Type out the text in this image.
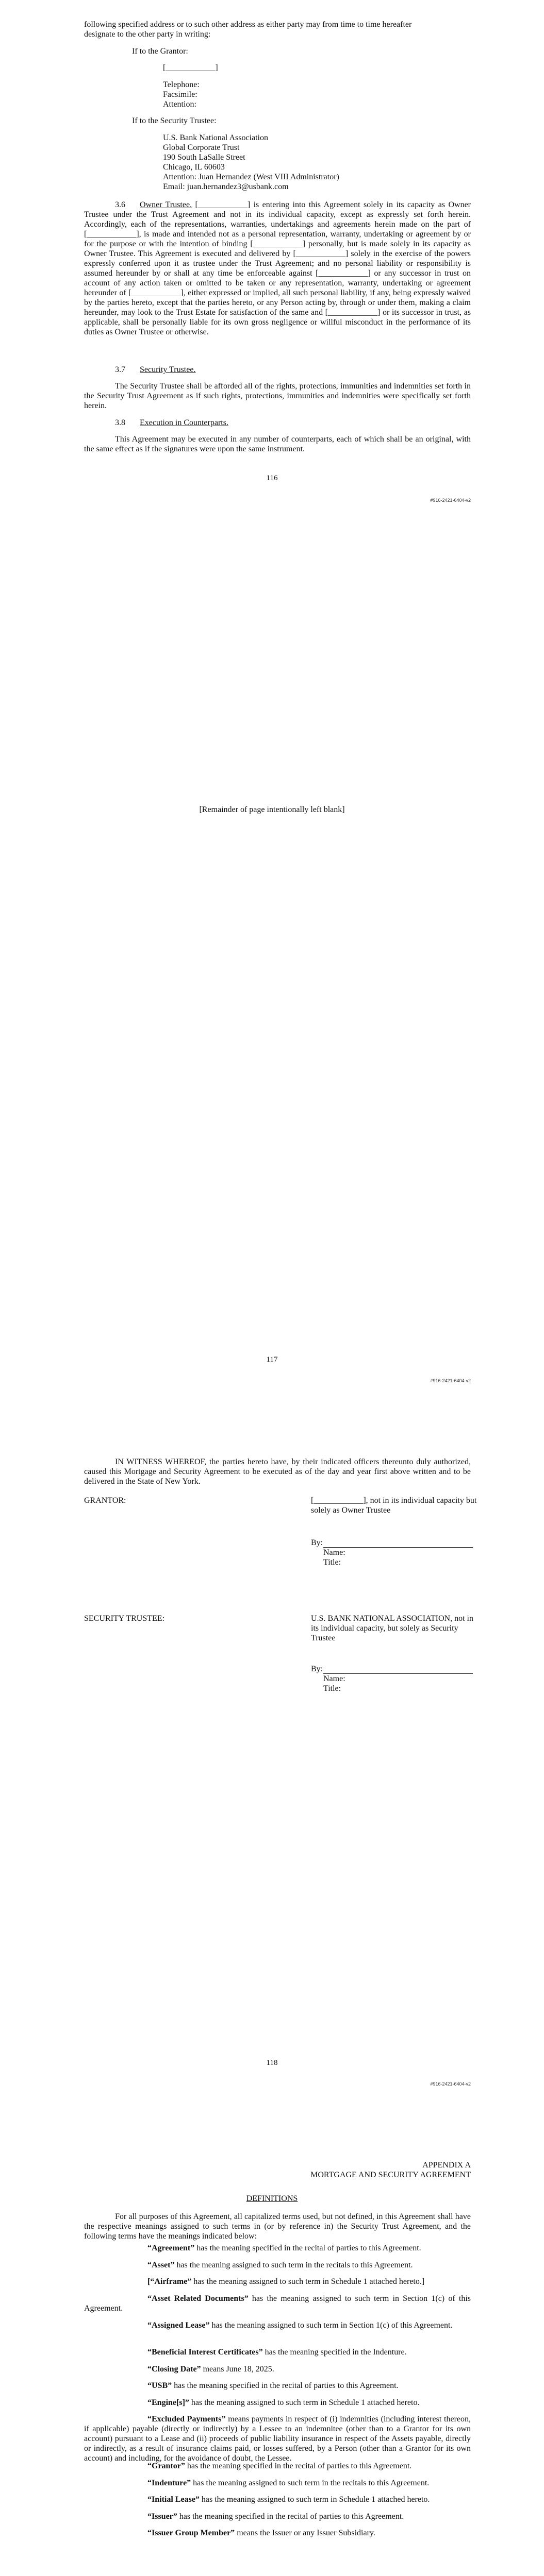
following specified address or to such other address as either party may from time to time hereafter
designate to the other party in writing:
If to the Grantor:
[____________]
Telephone:
Facsimile:
Attention:
If to the Security Trustee:
U.S. Bank National Association
Global Corporate Trust
190 South LaSalle Street
Chicago, IL 60603
Attention: Juan Hernandez (West VIII Administrator)
Email: juan.hernandez3@usbank.com
3.6 Owner Trustee. [____________] is entering into this Agreement solely in its capacity as Owner Trustee under the Trust Agreement and not in its individual capacity, except as expressly set forth herein. Accordingly, each of the representations, warranties, undertakings and agreements herein made on the part of [____________], is made and intended not as a personal representation, warranty, undertaking or agreement by or for the purpose or with the intention of binding [____________] personally, but is made solely in its capacity as Owner Trustee. This Agreement is executed and delivered by [____________] solely in the exercise of the powers expressly conferred upon it as trustee under the Trust Agreement; and no personal liability or responsibility is assumed hereunder by or shall at any time be enforceable against [____________] or any successor in trust on account of any action taken or omitted to be taken or any representation, warranty, undertaking or agreement hereunder of [____________], either expressed or implied, all such personal liability, if any, being expressly waived by the parties hereto, except that the parties hereto, or any Person acting by, through or under them, making a claim hereunder, may look to the Trust Estate for satisfaction of the same and [____________] or its successor in trust, as applicable, shall be personally liable for its own gross negligence or willful misconduct in the performance of its duties as Owner Trustee or otherwise.
3.7 Security Trustee.
The Security Trustee shall be afforded all of the rights, protections, immunities and indemnities set forth in the Security Trust Agreement as if such rights, protections, immunities and indemnities were specifically set forth herein.
3.8 Execution in Counterparts.
This Agreement may be executed in any number of counterparts, each of which shall be an original, with the same effect as if the signatures were upon the same instrument.
116
#916-2421-6404-v2
[Remainder of page intentionally left blank]
117
#916-2421-6404-v2
IN WITNESS WHEREOF, the parties hereto have, by their indicated officers thereunto duly authorized, caused this Mortgage and Security Agreement to be executed as of the day and year first above written and to be delivered in the State of New York.
GRANTOR:	[____________], not in its individual capacity but
solely as Owner Trustee
By:
Name:
Title:
SECURITY TRUSTEE:	U.S. BANK NATIONAL ASSOCIATION, not in
its individual capacity, but solely as Security
Trustee
By:
Name:
Title:
118
#916-2421-6404-v2
APPENDIX A
MORTGAGE AND SECURITY AGREEMENT
DEFINITIONS
For all purposes of this Agreement, all capitalized terms used, but not defined, in this Agreement shall have the respective meanings assigned to such terms in (or by reference in) the Security Trust Agreement, and the following terms have the meanings indicated below:
“Agreement” has the meaning specified in the recital of parties to this Agreement.
“Asset” has the meaning assigned to such term in the recitals to this Agreement.
[“Airframe” has the meaning assigned to such term in Schedule 1 attached hereto.]
“Asset Related Documents” has the meaning assigned to such term in Section 1(c) of this Agreement.
“Assigned Lease” has the meaning assigned to such term in Section 1(c) of this Agreement.
“Beneficial Interest Certificates” has the meaning specified in the Indenture.
“Closing Date” means June 18, 2025.
“USB” has the meaning specified in the recital of parties to this Agreement.
“Engine[s]” has the meaning assigned to such term in Schedule 1 attached hereto.
“Excluded Payments” means payments in respect of (i) indemnities (including interest thereon, if applicable) payable (directly or indirectly) by a Lessee to an indemnitee (other than to a Grantor for its own account) pursuant to a Lease and (ii) proceeds of public liability insurance in respect of the Assets payable, directly or indirectly, as a result of insurance claims paid, or losses suffered, by a Person (other than a Grantor for its own account) and including, for the avoidance of doubt, the Lessee.
“Grantor” has the meaning specified in the recital of parties to this Agreement.
“Indenture” has the meaning assigned to such term in the recitals to this Agreement.
“Initial Lease” has the meaning assigned to such term in Schedule 1 attached hereto.
“Issuer” has the meaning specified in the recital of parties to this Agreement.
“Issuer Group Member” means the Issuer or any Issuer Subsidiary.
